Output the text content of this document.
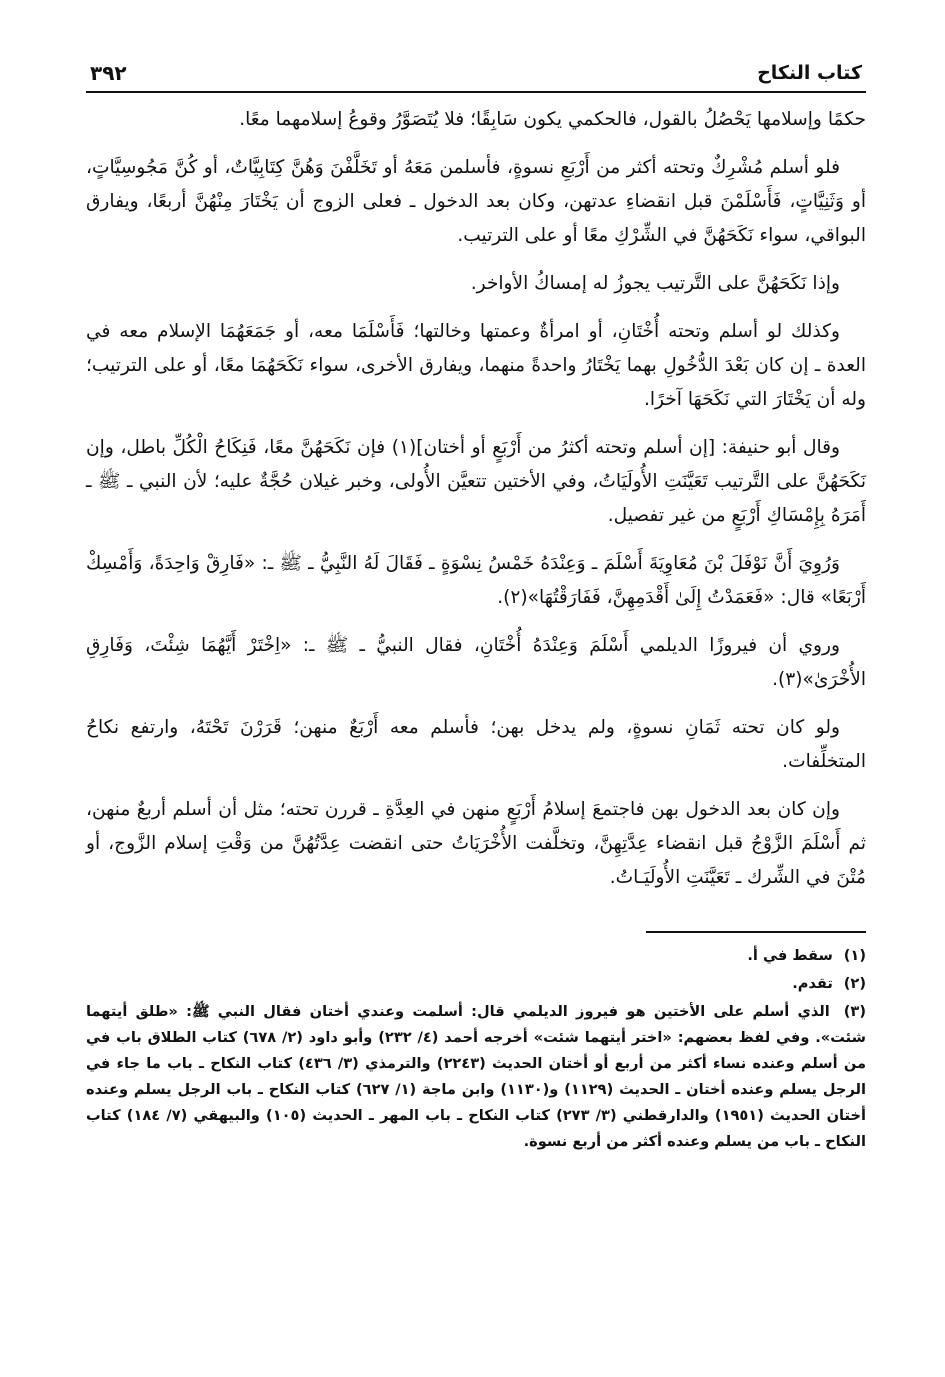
٣٩٢	كتاب النكاح

حكمًا وإسلامها يَحْصُلُ بالقول، فالحكمي يكون سَابِقًا؛ فلا يُتَصَوَّرُ وقوعُ إسلامهما معًا.

فلو أسلم مُشْرِكٌ وتحته أكثر من أَرْبَعِ نسوةٍ، فأسلمن مَعَهُ أو تَخَلَّفْنَ وَهُنَّ كِتَابِيَّاتٌ، أو كُنَّ مَجُوسِيَّاتٍ، أو وَثَنِيَّاتٍ، فَأَسْلَمْنَ قبل انقضاءِ عدتهن، وكان بعد الدخول ـ فعلى الزوج أن يَخْتَارَ مِنْهُنَّ أربعًا، ويفارق البواقي، سواء نَكَحَهُنَّ في الشِّرْكِ معًا أو على الترتيب.

وإذا نَكَحَهُنَّ على التَّرتيب يجوزُ له إمساكُ الأواخر.

وكذلك لو أسلم وتحته أُخْتَانِ، أو امرأةٌ وعمتها وخالتها؛ فَأَسْلَمَا معه، أو جَمَعَهُمَا الإسلام معه في العدة ـ إن كان بَعْدَ الدُّخُولِ بهما يَخْتَارُ واحدةً منهما، ويفارق الأخرى، سواء نَكَحَهُمَا معًا، أو على الترتيب؛ وله أن يَخْتَارَ التي نَكَحَهَا آخرًا.

وقال أبو حنيفة: [إن أسلم وتحته أكثرُ من أَرْبَعٍ أو أختان](١) فإن نَكَحَهُنَّ معًا، فَنِكَاحُ الْكُلِّ باطل، وإن نَكَحَهُنَّ على التَّرتيب تَعَيَّنَتِ الأُولَيَاتُ، وفي الأختين تتعيَّن الأُولى، وخبر غيلان حُجَّةٌ عليه؛ لأن النبي ـ ﷺ ـ أَمَرَهُ بِإِمْسَاكِ أَرْبَعٍ من غير تفصيل.

وَرُوِيَ أَنَّ نَوْفَلَ بْنَ مُعَاوِيَةَ أَسْلَمَ ـ وَعِنْدَهُ خَمْسُ نِسْوَةٍ ـ فَقَالَ لَهُ النَّبِيُّ ـ ﷺ ـ: «فَارِقْ وَاحِدَةً، وَأَمْسِكْ أَرْبَعًا» قال: «فَعَمَدْتُ إِلَىٰ أَقْدَمِهِنَّ، فَفَارَقْتُهَا»(٢).

وروي أن فيروزًا الديلمي أَسْلَمَ وَعِنْدَهُ أُخْتَانِ، فقال النبيُّ ـ ﷺ ـ: «اِخْتَرْ أَيَّهُمَا شِئْتَ، وَفَارِقِ الأُخْرَىٰ»(٣).

ولو كان تحته ثَمَانِ نسوةٍ، ولم يدخل بهن؛ فأسلم معه أَرْبَعٌ منهن؛ قَرَرْنَ تَحْتَهُ، وارتفع نكاحُ المتخلِّفات.

وإن كان بعد الدخول بهن فاجتمعَ إسلامُ أَرْبَعٍ منهن في العِدَّةِ ـ قررن تحته؛ مثل أن أسلم أربعٌ منهن، ثم أَسْلَمَ الزَّوْجُ قبل انقضاء عِدَّتِهِنَّ، وتخلَّفت الأُخْرَيَاتُ حتى انقضت عِدَّتُهُنَّ من وَقْتِ إسلام الزَّوج، أو مُتْنَ في الشِّرك ـ تَعَيَّنَتِ الأُولَيَـاتُ.

(١) سقط في أ.
(٢) تقدم.
(٣) الذي أسلم على الأختين هو فيروز الديلمي قال: أسلمت وعندي أختان فقال النبي ﷺ: «طلق أيتهما شئت». وفي لفظ بعضهم: «اختر أيتهما شئت» أخرجه أحمد (٤/ ٢٣٢) وأبو داود (٢/ ٦٧٨) كتاب الطلاق باب في من أسلم وعنده نساء أكثر من أربع أو أختان الحديث (٢٢٤٣) والترمذي (٣/ ٤٣٦) كتاب النكاح ـ باب ما جاء في الرجل يسلم وعنده أختان ـ الحديث (١١٢٩) و(١١٣٠) وابن ماجة (١/ ٦٢٧) كتاب النكاح ـ باب الرجل يسلم وعنده أختان الحديث (١٩٥١) والدارقطني (٣/ ٢٧٣) كتاب النكاح ـ باب المهر ـ الحديث (١٠٥) والبيهقي (٧/ ١٨٤) كتاب النكاح ـ باب من يسلم وعنده أكثر من أربع نسوة.
